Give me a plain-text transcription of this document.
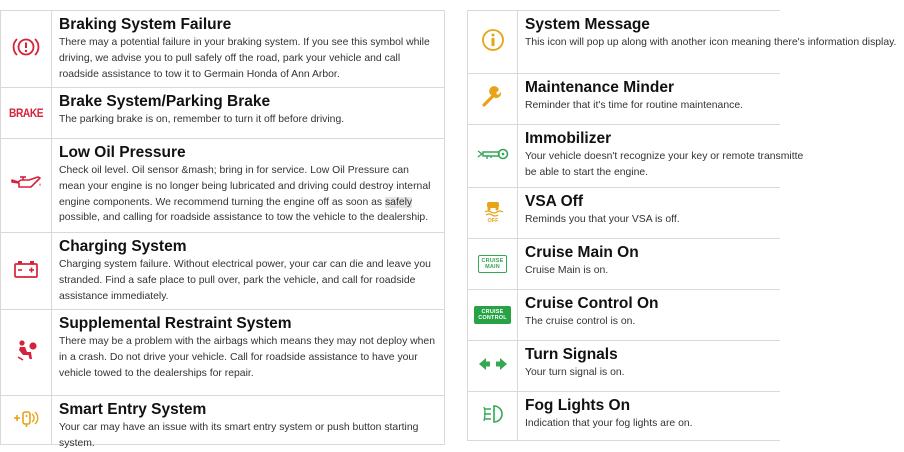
Braking System Failure
There may a potential failure in your braking system. If you see this symbol while driving, we advise you to pull safely off the road, park your vehicle and call roadside assistance to tow it to Germain Honda of Ann Arbor.
BRAKE
Brake System/Parking Brake
The parking brake is on, remember to turn it off before driving.
Low Oil Pressure
Check oil level. Oil sensor &mash; bring in for service. Low Oil Pressure can mean your engine is no longer being lubricated and driving could destroy internal engine components. We recommend turning the engine off as soon as safely possible, and calling for roadside assistance to tow the vehicle to the dealership.
Charging System
Charging system failure. Without electrical power, your car can die and leave you stranded. Find a safe place to pull over, park the vehicle, and call for roadside assistance immediately.
Supplemental Restraint System
There may be a problem with the airbags which means they may not deploy when in a crash. Do not drive your vehicle. Call for roadside assistance to have your vehicle towed to the dealerships for repair.
Smart Entry System
Your car may have an issue with its smart entry system or push button starting system.
System Message
This icon will pop up along with another icon meaning there's information display.
Maintenance Minder
Reminder that it's time for routine maintenance.
Immobilizer
Your vehicle doesn't recognize your key or remote transmitte
be able to start the engine.
OFF
VSA Off
Reminds you that your VSA is off.
CRUISE
MAIN
Cruise Main On
Cruise Main is on.
CRUISE
CONTROL
Cruise Control On
The cruise control is on.
Turn Signals
Your turn signal is on.
Fog Lights On
Indication that your fog lights are on.
